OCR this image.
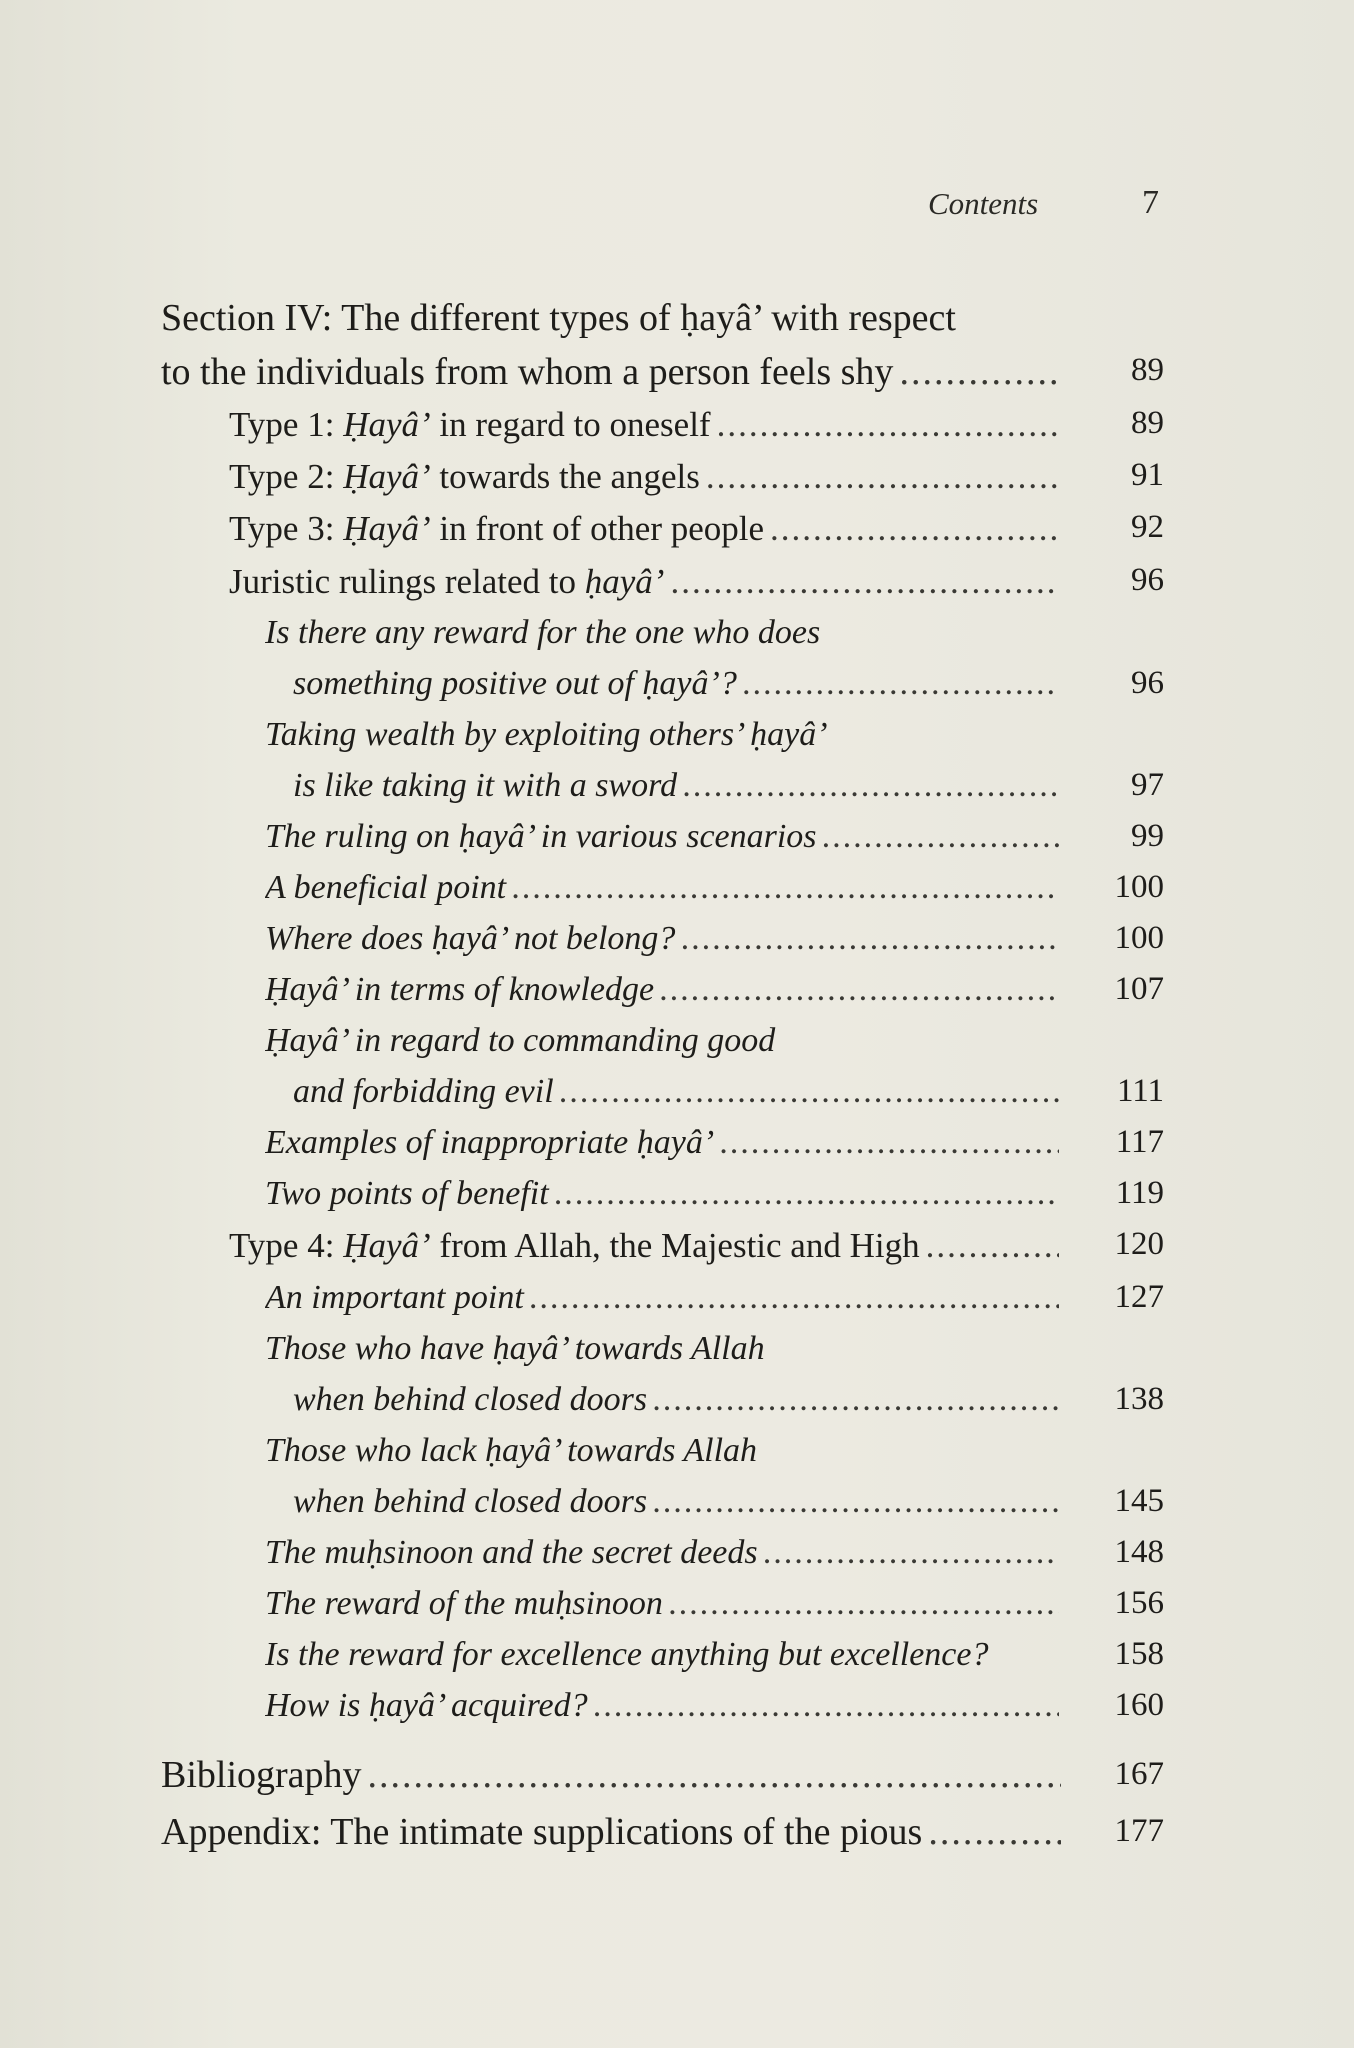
Contents	7
Section IV: The different types of ḥayâ’ with respect
to the individuals from whom a person feels shy .....	89
Type 1: Ḥayâ’ in regard to oneself .....	89
Type 2: Ḥayâ’ towards the angels .....	91
Type 3: Ḥayâ’ in front of other people .....	92
Juristic rulings related to ḥayâ’ .....	96
Is there any reward for the one who does
something positive out of ḥayâ’? .....	96
Taking wealth by exploiting others’ ḥayâ’
is like taking it with a sword .....	97
The ruling on ḥayâ’ in various scenarios .....	99
A beneficial point .....	100
Where does ḥayâ’ not belong? .....	100
Ḥayâ’ in terms of knowledge .....	107
Ḥayâ’ in regard to commanding good
and forbidding evil .....	111
Examples of inappropriate ḥayâ’ .....	117
Two points of benefit .....	119
Type 4: Ḥayâ’ from Allah, the Majestic and High .....	120
An important point .....	127
Those who have ḥayâ’ towards Allah
when behind closed doors .....	138
Those who lack ḥayâ’ towards Allah
when behind closed doors .....	145
The muḥsinoon and the secret deeds .....	148
The reward of the muḥsinoon .....	156
Is the reward for excellence anything but excellence?	158
How is ḥayâ’ acquired? .....	160
Bibliography .....	167
Appendix: The intimate supplications of the pious .....	177
